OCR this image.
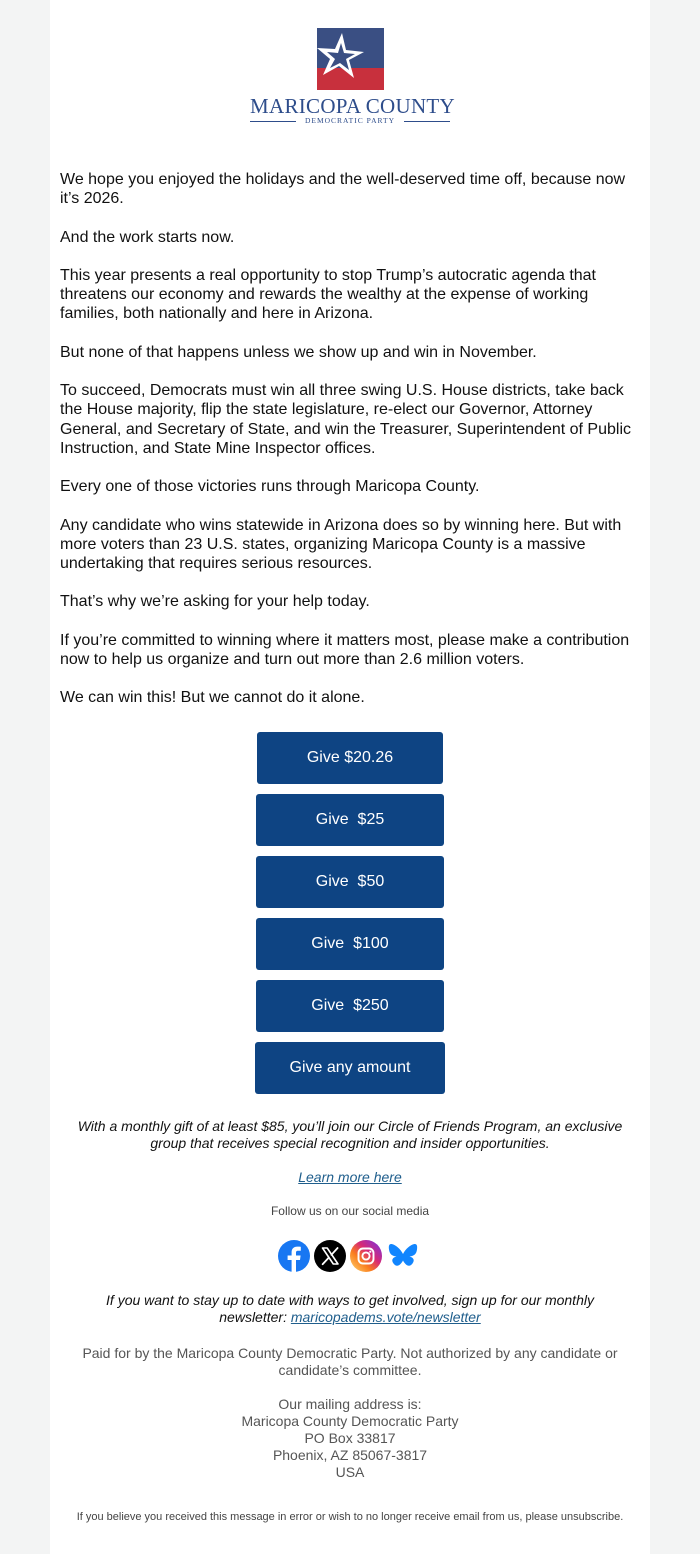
MARICOPA COUNTY
DEMOCRATIC PARTY

We hope you enjoyed the holidays and the well-deserved time off, because now it’s 2026.

And the work starts now.

This year presents a real opportunity to stop Trump’s autocratic agenda that threatens our economy and rewards the wealthy at the expense of working families, both nationally and here in Arizona.

But none of that happens unless we show up and win in November.

To succeed, Democrats must win all three swing U.S. House districts, take back the House majority, flip the state legislature, re-elect our Governor, Attorney General, and Secretary of State, and win the Treasurer, Superintendent of Public Instruction, and State Mine Inspector offices.

Every one of those victories runs through Maricopa County.

Any candidate who wins statewide in Arizona does so by winning here. But with more voters than 23 U.S. states, organizing Maricopa County is a massive undertaking that requires serious resources.

That’s why we’re asking for your help today.

If you’re committed to winning where it matters most, please make a contribution now to help us organize and turn out more than 2.6 million voters.

We can win this! But we cannot do it alone.

Give $20.26
Give  $25
Give  $50
Give  $100
Give  $250
Give any amount
With a monthly gift of at least $85, you’ll join our Circle of Friends Program, an exclusive group that receives special recognition and insider opportunities.
Learn more here
Follow us on our social media
If you want to stay up to date with ways to get involved, sign up for our monthly newsletter: maricopadems.vote/newsletter
Paid for by the Maricopa County Democratic Party. Not authorized by any candidate or candidate’s committee.
Our mailing address is:
Maricopa County Democratic Party
PO Box 33817
Phoenix, AZ 85067-3817
USA
If you believe you received this message in error or wish to no longer receive email from us, please unsubscribe.
